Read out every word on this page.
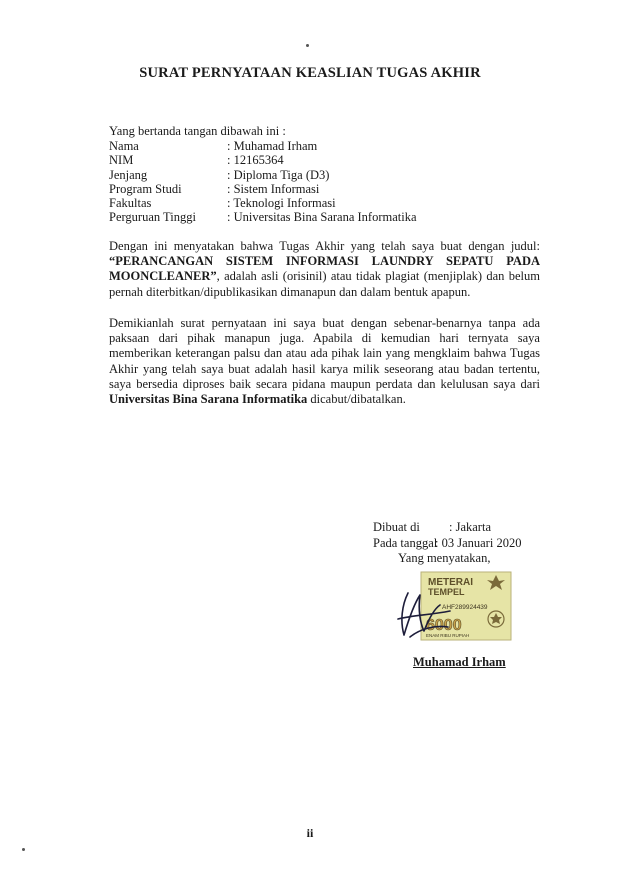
SURAT PERNYATAAN KEASLIAN TUGAS AKHIR
Yang bertanda tangan dibawah ini :
Nama	: Muhamad Irham
NIM	: 12165364
Jenjang	: Diploma Tiga (D3)
Program Studi	: Sistem Informasi
Fakultas	: Teknologi Informasi
Perguruan Tinggi	: Universitas Bina Sarana Informatika

Dengan ini menyatakan bahwa Tugas Akhir yang telah saya buat dengan judul: “PERANCANGAN SISTEM INFORMASI LAUNDRY SEPATU PADA MOONCLEANER”, adalah asli (orisinil) atau tidak plagiat (menjiplak) dan belum pernah diterbitkan/dipublikasikan dimanapun dan dalam bentuk apapun.

Demikianlah surat pernyataan ini saya buat dengan sebenar-benarnya tanpa ada paksaan dari pihak manapun juga. Apabila di kemudian hari ternyata saya memberikan keterangan palsu dan atau ada pihak lain yang mengklaim bahwa Tugas Akhir yang telah saya buat adalah hasil karya milik seseorang atau badan tertentu, saya bersedia diproses baik secara pidana maupun perdata dan kelulusan saya dari Universitas Bina Sarana Informatika dicabut/dibatalkan.

Dibuat di : Jakarta
Pada tanggal: 03 Januari 2020
Yang menyatakan,
METERAI
TEMPEL
AHF289924439
6000
ENAM RIBU RUPIAH
Muhamad Irham
ii
